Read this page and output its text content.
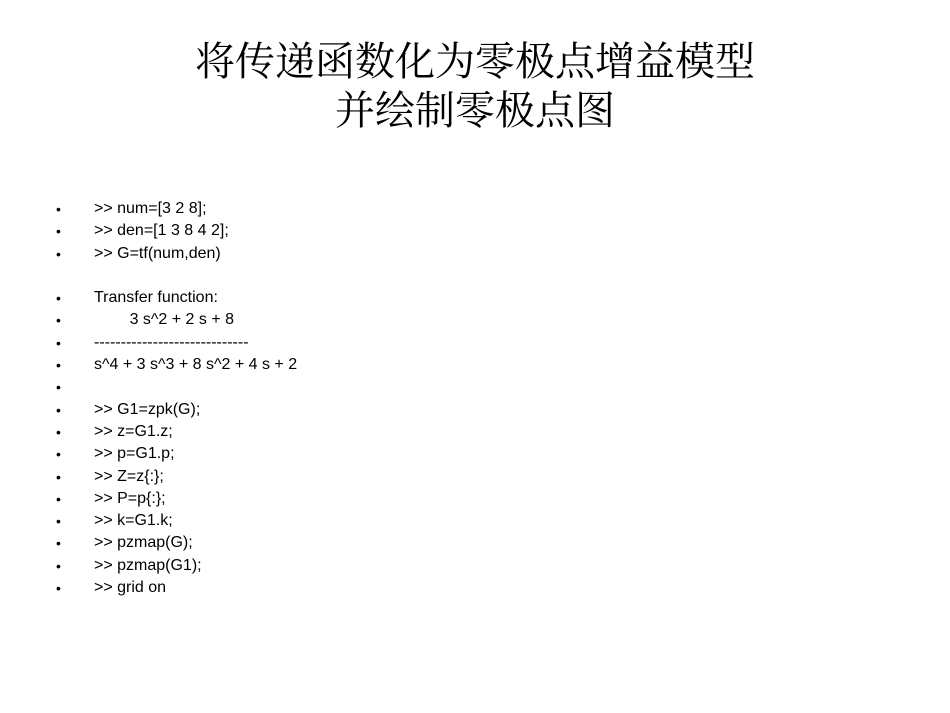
将传递函数化为零极点增益模型
并绘制零极点图
•	>> num=[3 2 8];
•	>> den=[1 3 8 4 2];
•	>> G=tf(num,den)
•	Transfer function:
•	3 s^2 + 2 s + 8
•	-----------------------------
•	s^4 + 3 s^3 + 8 s^2 + 4 s + 2
•
•	>> G1=zpk(G);
•	>> z=G1.z;
•	>> p=G1.p;
•	>> Z=z{:};
•	>> P=p{:};
•	>> k=G1.k;
•	>> pzmap(G);
•	>> pzmap(G1);
•	>> grid on
